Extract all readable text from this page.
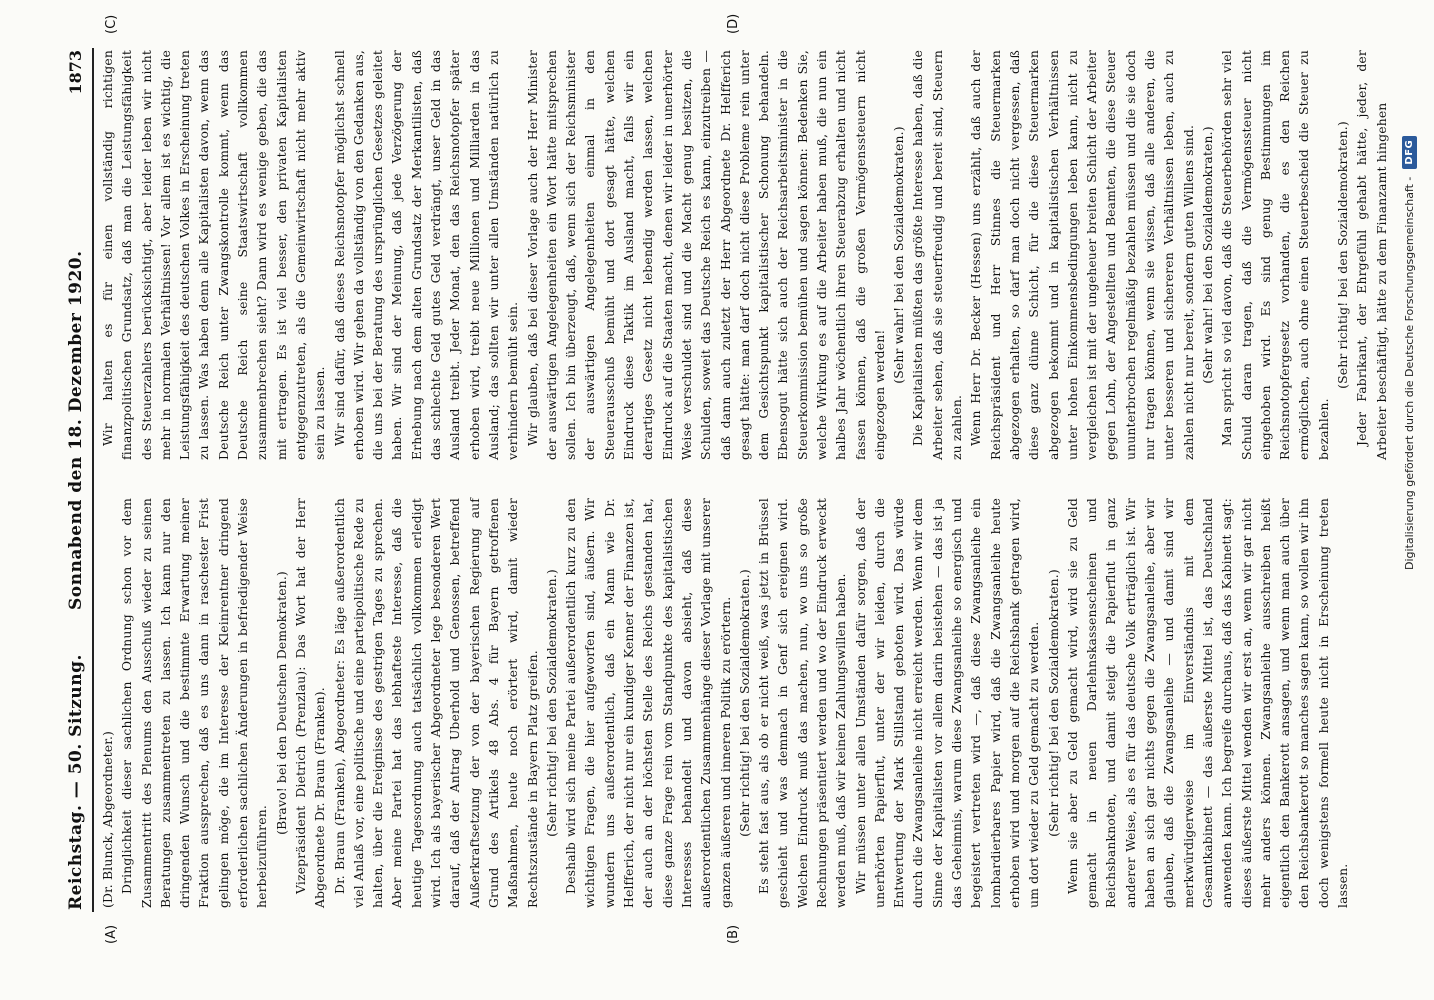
Reichstag. — 50. Sitzung.
Sonnabend den 18. Dezember 1920.
1873
(A)	(B)
(C)	(D)

(Dr. Blunck, Abgeordneter.) Dringlichkeit dieser sachlichen Ordnung schon vor dem Zusammentritt des Plenums den Ausschuß wieder zu seinen Beratungen zusammentreten zu lassen. Ich kann nur den dringenden Wunsch und die bestimmte Erwartung meiner Fraktion aussprechen, daß es uns dann in raschester Frist gelingen möge, die im Interesse der Kleinrentner dringend erforderlichen sachlichen Änderungen in befriedigender Weise herbeizuführen.

(Bravo! bei den Deutschen Demokraten.) Vizepräsident Dietrich (Prenzlau): Das Wort hat der Herr Abgeordnete Dr. Braun (Franken). Dr. Braun (Franken), Abgeordneter: Es läge außerordentlich viel Anlaß vor, eine politische und eine parteipolitische Rede zu halten, über die Ereignisse des gestrigen Tages zu sprechen. Aber meine Partei hat das lebhafteste Interesse, daß die heutige Tagesordnung auch tatsächlich vollkommen erledigt wird. Ich als bayerischer Abgeordneter lege besonderen Wert darauf, daß der Antrag Uberhold und Genossen, betreffend Außerkraftsetzung der von der bayerischen Regierung auf Grund des Artikels 48 Abs. 4 für Bayern getroffenen Maßnahmen, heute noch erörtert wird, damit wieder Rechtszustände in Bayern Platz greifen. (Sehr richtig! bei den Sozialdemokraten.) Deshalb wird sich meine Partei außerordentlich kurz zu den wichtigen Fragen, die hier aufgeworfen sind, äußern. Wir wundern uns außerordentlich, daß ein Mann wie Dr. Helfferich, der nicht nur ein kundiger Kenner der Finanzen ist, der auch an der höchsten Stelle des Reichs gestanden hat, diese ganze Frage rein vom Standpunkte des kapitalistischen Interesses behandelt und davon absieht, daß diese außerordentlichen Zusammenhänge dieser Vorlage mit unserer ganzen äußeren und inneren Politik zu erörtern. (Sehr richtig! bei den Sozialdemokraten.) Es steht fast aus, als ob er nicht weiß, was jetzt in Brüssel geschieht und was demnach in Genf sich ereignen wird. Welchen Eindruck muß das machen, nun, wo uns so große Rechnungen präsentiert werden und wo der Eindruck erweckt werden muß, daß wir keinen Zahlungswillen haben. Wir müssen unter allen Umständen dafür sorgen, daß der unerhörten Papierflut, unter der wir leiden, durch die Entwertung der Mark Stillstand geboten wird. Das würde durch die Zwangsanleihe nicht erreicht werden. Wenn wir dem Sinne der Kapitalisten vor allem darin beistehen — das ist ja das Geheimnis, warum diese Zwangsanleihe so energisch und begeistert vertreten wird —, daß diese Zwangsanleihe ein lombardierbares Papier wird, daß die Zwangsanleihe heute erhoben wird und morgen auf die Reichsbank getragen wird, um dort wieder zu Geld gemacht zu werden. (Sehr richtig! bei den Sozialdemokraten.) Wenn sie aber zu Geld gemacht wird, wird sie zu Geld gemacht in neuen Darlehnskassenscheinen und Reichsbanknoten, und damit steigt die Papierflut in ganz anderer Weise, als es für das deutsche Volk erträglich ist. Wir haben an sich gar nichts gegen die Zwangsanleihe, aber wir glauben, daß die Zwangsanleihe — und damit sind wir merkwürdigerweise im Einverständnis mit dem Gesamtkabinett — das äußerste Mittel ist, das Deutschland anwenden kann. Ich begreife durchaus, daß das Kabinett sagt: dieses äußerste Mittel wenden wir erst an, wenn wir gar nicht mehr anders können. Zwangsanleihe ausschreiben heißt eigentlich den Bankerott ansagen, und wenn man auch über den Reichsbankerott so manches sagen kann, so wollen wir ihn doch wenigstens formell heute nicht in Erscheinung treten lassen.

Wir halten es für einen vollständig richtigen finanzpolitischen Grundsatz, daß man die Leistungsfähigkeit des Steuerzahlers berücksichtigt, aber leider leben wir nicht mehr in normalen Verhältnissen! Vor allem ist es wichtig, die Leistungsfähigkeit des deutschen Volkes in Erscheinung treten zu lassen. Was haben denn alle Kapitalisten davon, wenn das Deutsche Reich unter Zwangskontrolle kommt, wenn das Deutsche Reich seine Staatswirtschaft vollkommen zusammenbrechen sieht? Dann wird es wenige geben, die das mit ertragen. Es ist viel besser, den privaten Kapitalisten entgegenzutreten, als die Gemeinwirtschaft nicht mehr aktiv sein zu lassen. Wir sind dafür, daß dieses Reichsnotopfer möglichst schnell erhoben wird. Wir gehen da vollständig von den Gedanken aus, die uns bei der Beratung des ursprünglichen Gesetzes geleitet haben. Wir sind der Meinung, daß jede Verzögerung der Erhebung nach dem alten Grundsatz der Merkantilisten, daß das schlechte Geld gutes Geld verdrängt, unser Geld in das Ausland treibt. Jeder Monat, den das Reichsnotopfer später erhoben wird, treibt neue Millionen und Milliarden in das Ausland; das sollten wir unter allen Umständen natürlich zu verhindern bemüht sein. Wir glauben, daß bei dieser Vorlage auch der Herr Minister der auswärtigen Angelegenheiten ein Wort hätte mitsprechen sollen. Ich bin überzeugt, daß, wenn sich der Reichsminister der auswärtigen Angelegenheiten einmal in den Steuerausschuß bemüht und dort gesagt hätte, welchen Eindruck diese Taktik im Ausland macht, falls wir ein derartiges Gesetz nicht lebendig werden lassen, welchen Eindruck auf die Staaten macht, denen wir leider in unerhörter Weise verschuldet sind und die Macht genug besitzen, die Schulden, soweit das Deutsche Reich es kann, einzutreiben — daß dann auch zuletzt der Herr Abgeordnete Dr. Helfferich gesagt hätte: man darf doch nicht diese Probleme rein unter dem Gesichtspunkt kapitalistischer Schonung behandeln. Ebensogut hätte sich auch der Reichsarbeitsminister in die Steuerkommission bemühen und sagen können: Bedenken Sie, welche Wirkung es auf die Arbeiter haben muß, die nun ein halbes Jahr wöchentlich ihren Steuerabzug erhalten und nicht fassen können, daß die großen Vermögenssteuern nicht eingezogen werden!

(Sehr wahr! bei den Sozialdemokraten.) Die Kapitalisten müßten das größte Interesse haben, daß die Arbeiter sehen, daß sie steuerfreudig und bereit sind, Steuern zu zahlen. Wenn Herr Dr. Becker (Hessen) uns erzählt, daß auch der Reichspräsident und Herr Stinnes die Steuermarken abgezogen erhalten, so darf man doch nicht vergessen, daß diese ganz dünne Schicht, für die diese Steuermarken abgezogen bekommt und in kapitalistischen Verhältnissen unter hohen Einkommensbedingungen leben kann, nicht zu vergleichen ist mit der ungeheuer breiten Schicht der Arbeiter gegen Lohn, der Angestellten und Beamten, die diese Steuer ununterbrochen regelmäßig bezahlen müssen und die sie doch nur tragen können, wenn sie wissen, daß alle anderen, die unter besseren und sichereren Verhältnissen leben, auch zu zahlen nicht nur bereit, sondern guten Willens sind. (Sehr wahr! bei den Sozialdemokraten.) Man spricht so viel davon, daß die Steuerbehörden sehr viel Schuld daran tragen, daß die Vermögenssteuer nicht eingehoben wird. Es sind genug Bestimmungen im Reichsnotopfergesetz vorhanden, die es den Reichen ermöglichen, auch ohne einen Steuerbescheid die Steuer zu bezahlen.

(Sehr richtig! bei den Sozialdemokraten.) Jeder Fabrikant, der Ehrgefühl gehabt hätte, jeder, der Arbeiter beschäftigt, hätte zu dem Finanzamt hingehen Digitalisierung gefördert durch die Deutsche Forschungsgemeinschaft -
DFG
